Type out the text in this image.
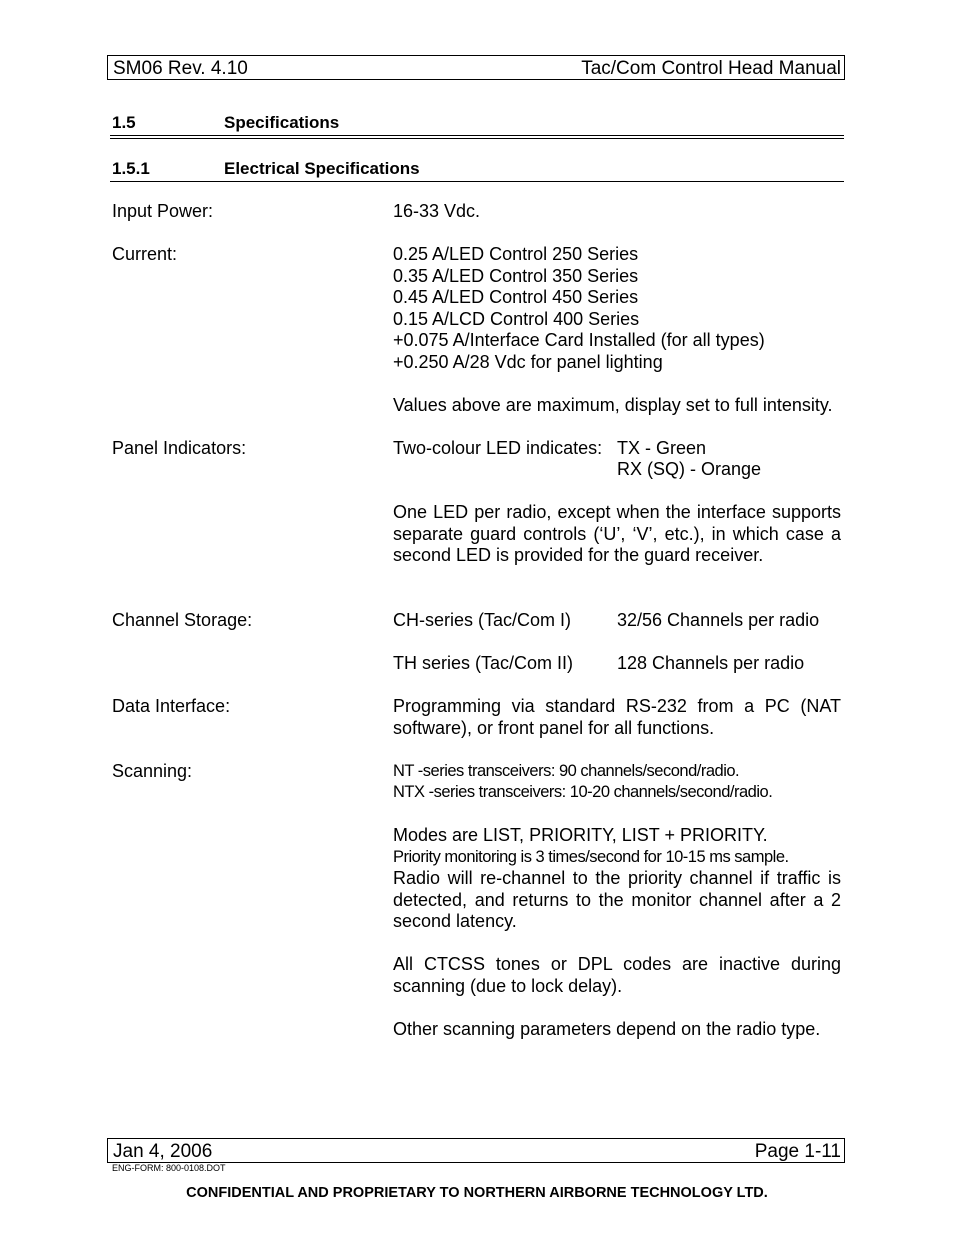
SM06 Rev. 4.10	Tac/Com Control Head Manual
1.5	Specifications
1.5.1	Electrical Specifications
Input Power:	16-33 Vdc.
Current:	0.25 A/LED Control 250 Series
0.35 A/LED Control 350 Series
0.45 A/LED Control 450 Series
0.15 A/LCD Control 400 Series
+0.075 A/Interface Card Installed (for all types)
+0.250 A/28 Vdc for panel lighting
Values above are maximum, display set to full intensity.
Panel Indicators:	Two-colour LED indicates: TX - Green
RX (SQ) - Orange
One LED per radio, except when the interface supports separate guard controls (‘U’, ‘V’, etc.), in which case a second LED is provided for the guard receiver.
Channel Storage:	CH-series (Tac/Com I)	32/56 Channels per radio
TH series (Tac/Com II)	128 Channels per radio
Data Interface:	Programming via standard RS-232 from a PC (NAT software), or front panel for all functions.
Scanning:	NT -series transceivers: 90 channels/second/radio.
NTX -series transceivers: 10-20 channels/second/radio.
Modes are LIST, PRIORITY, LIST + PRIORITY.
Priority monitoring is 3 times/second for 10-15 ms sample.
Radio will re-channel to the priority channel if traffic is detected, and returns to the monitor channel after a 2 second latency.
All CTCSS tones or DPL codes are inactive during scanning (due to lock delay).
Other scanning parameters depend on the radio type.
Jan 4, 2006	Page 1-11
ENG-FORM: 800-0108.DOT
CONFIDENTIAL AND PROPRIETARY TO NORTHERN AIRBORNE TECHNOLOGY LTD.
